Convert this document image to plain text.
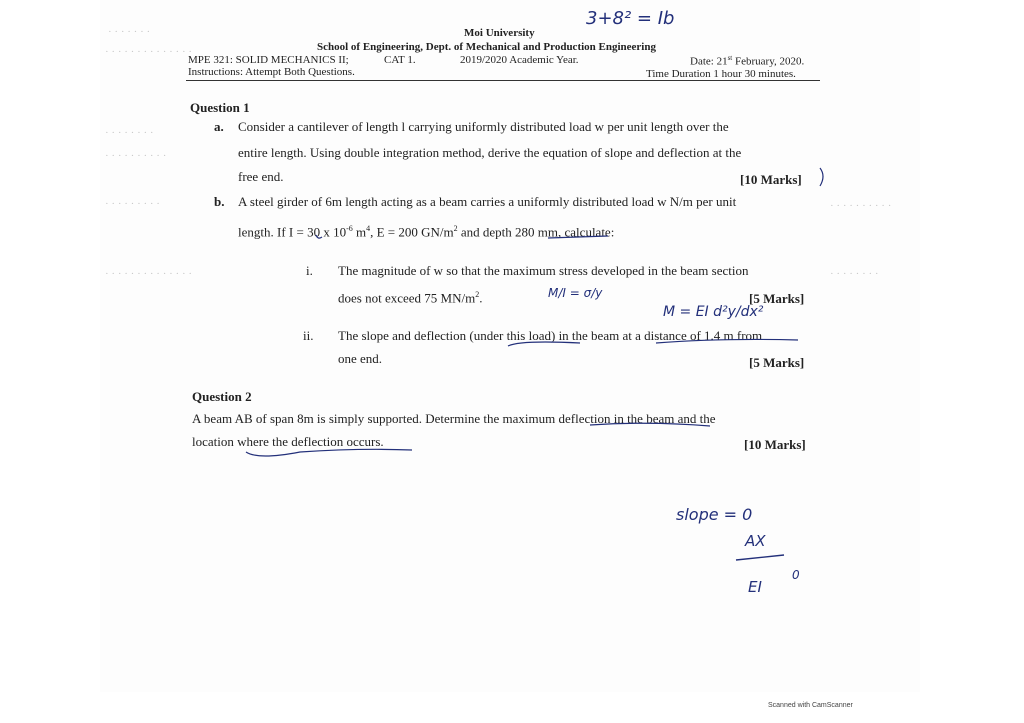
· · · · · · ·
· · · · · · · · · · · · · ·
· · · · · · · ·
· · · · · · · · · ·
· · · · · · · · ·
· · · · · · · · · · · · · ·
· · · · · · · · · ·
· · · · · · · ·
Moi University
School of Engineering, Dept. of Mechanical and Production Engineering
MPE 321: SOLID MECHANICS II;	CAT 1.	2019/2020 Academic Year.	Date: 21st February, 2020.
Instructions: Attempt Both Questions.	Time Duration 1 hour 30 minutes.
Question 1
a. Consider a cantilever of length l carrying uniformly distributed load w per unit length over the
entire length. Using double integration method, derive the equation of slope and deflection at the
free end.	[10 Marks]
b. A steel girder of 6m length acting as a beam carries a uniformly distributed load w N/m per unit
length. If I = 30 x $10^{-6}$ $m^4$, E = 200 $GN/m^2$ and depth 280 mm, calculate:
i. The magnitude of w so that the maximum stress developed in the beam section
does not exceed 75 $MN/m^2$.	[5 Marks]
ii. The slope and deflection (under this load) in the beam at a distance of 1.4 m from
one end.	[5 Marks]
Question 2
A beam AB of span 8m is simply supported. Determine the maximum deflection in the beam and the
location where the deflection occurs.	[10 Marks]
3+8² = Ib
M/I = σ/y
M = EI d²y/dx²
slope = 0
AX
EI
0
Scanned with CamScanner
